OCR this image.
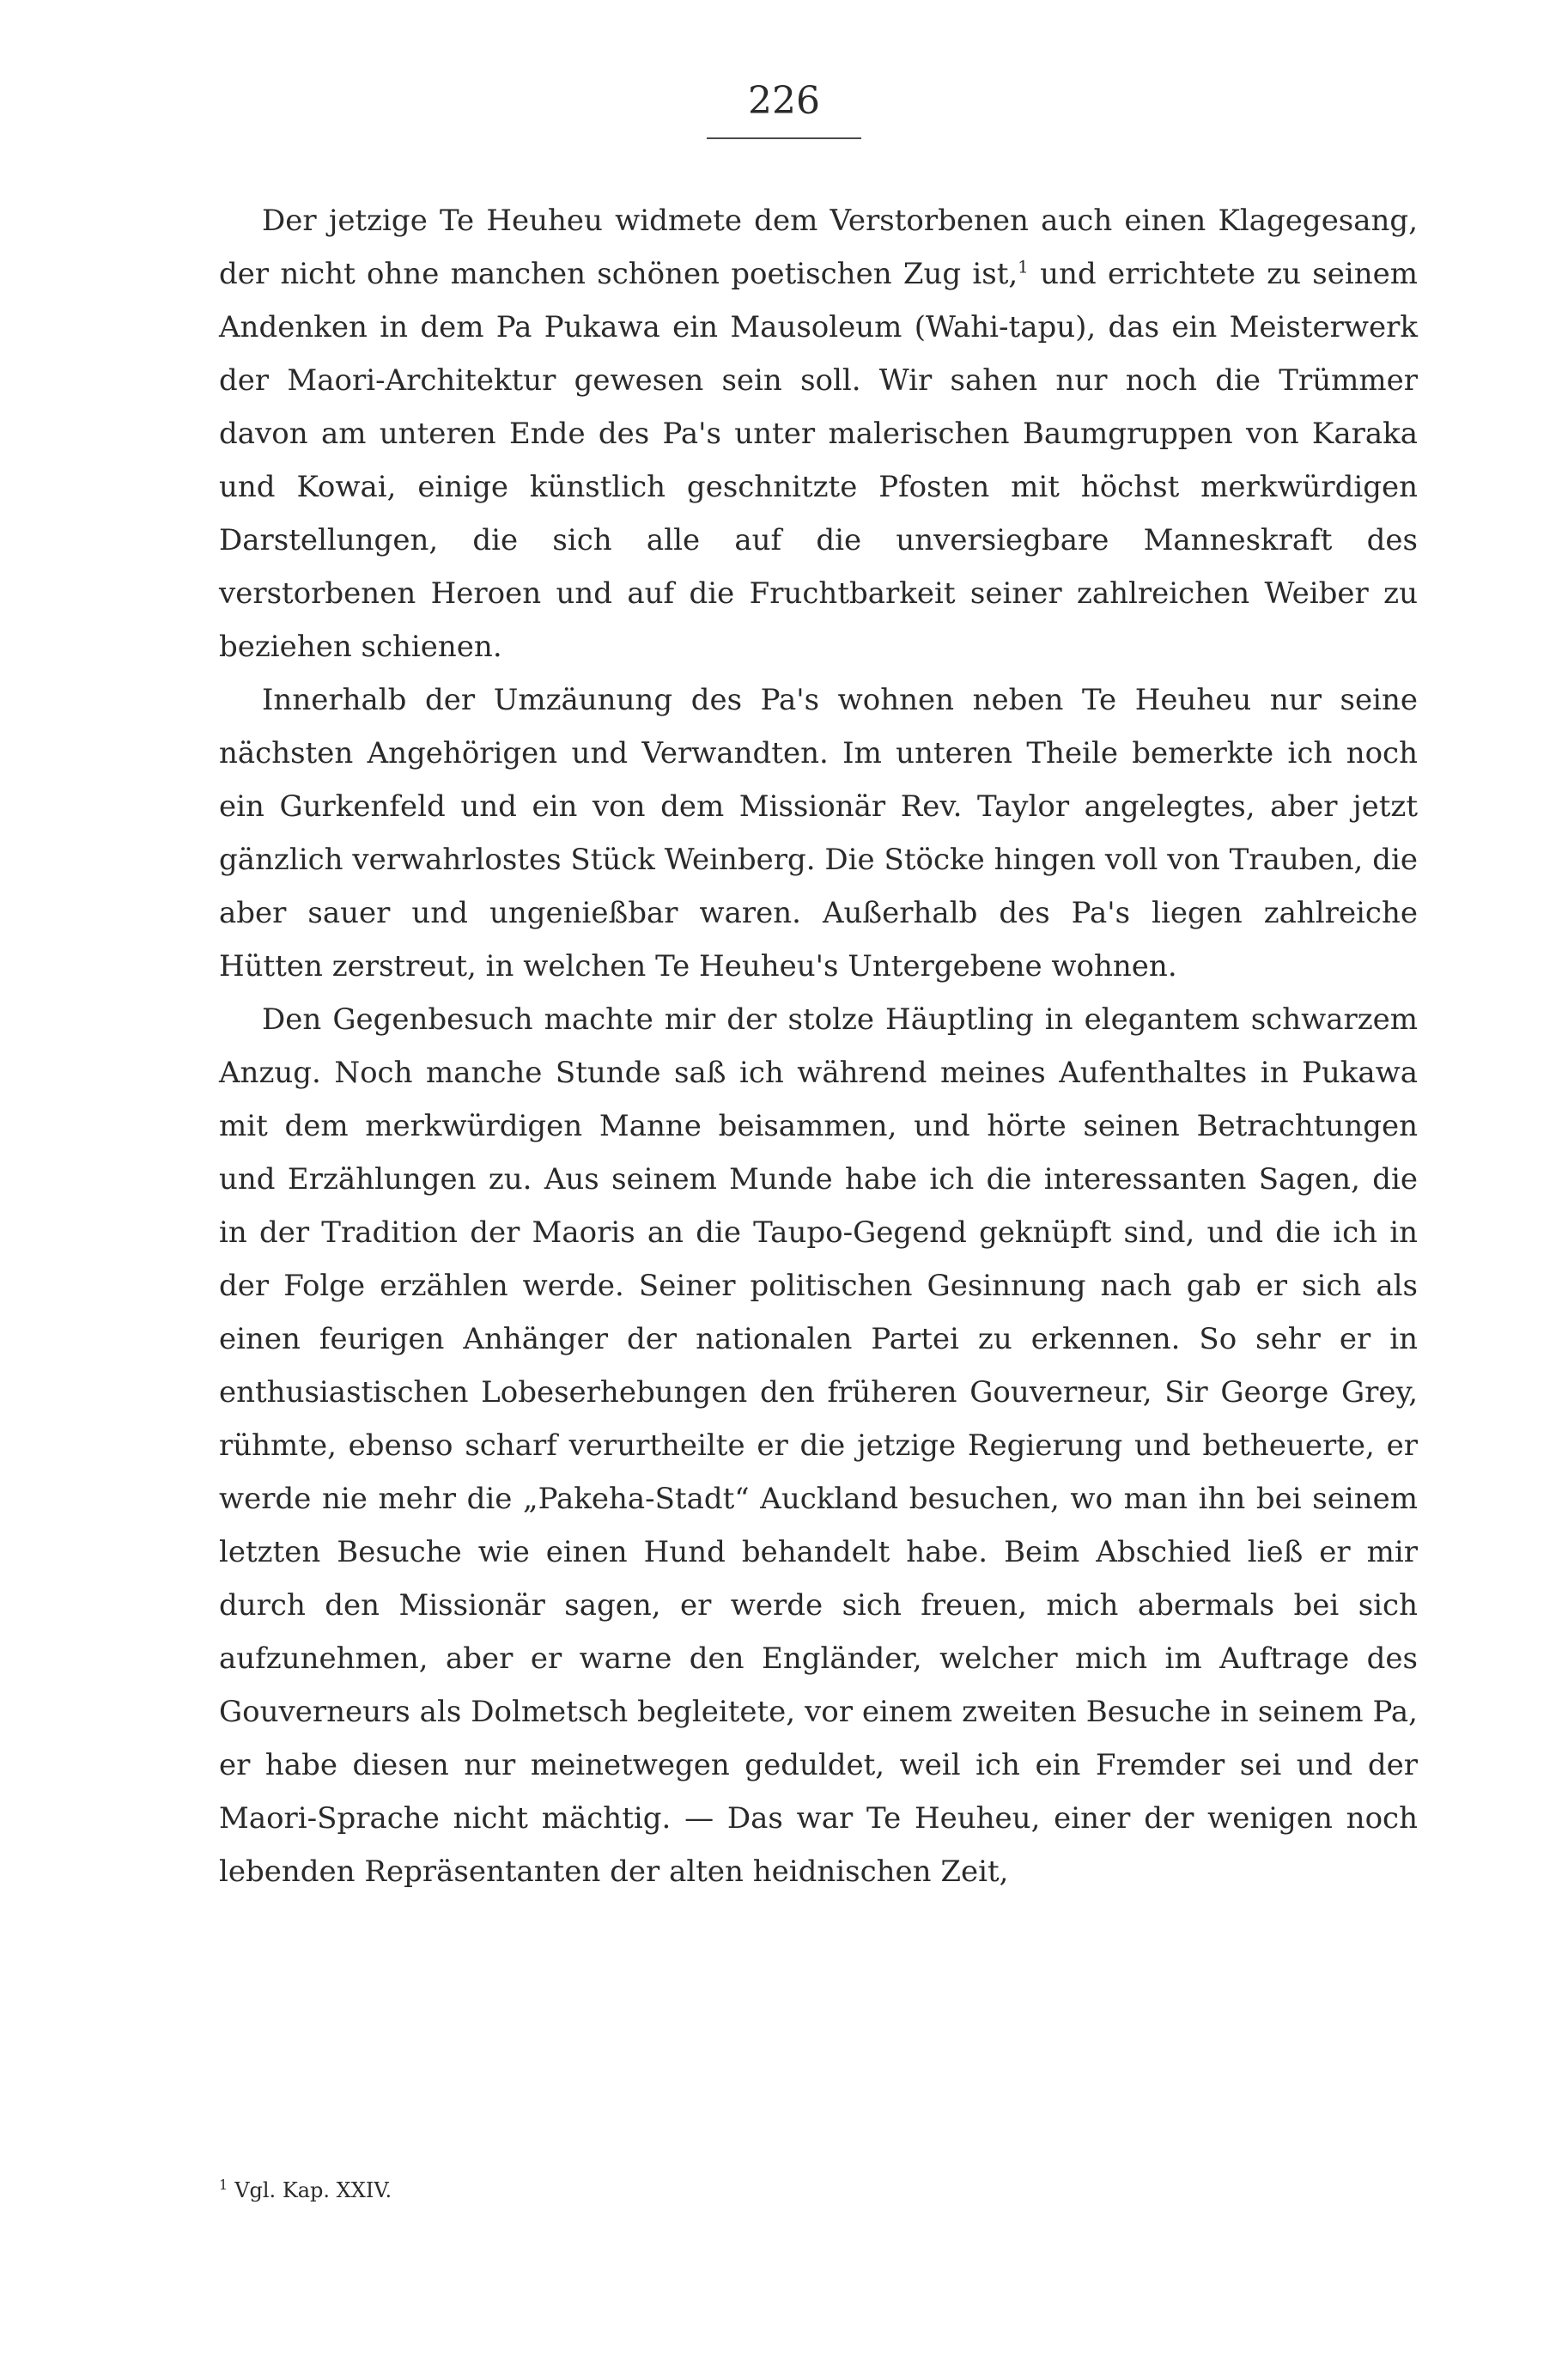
226

Der jetzige Te Heuheu widmete dem Verstorbenen auch einen Klagegesang, der nicht ohne manchen schönen poetischen Zug ist,$^1$ und errichtete zu seinem Andenken in dem Pa Pukawa ein Mausoleum (Wahi-tapu), das ein Meisterwerk der Maori-Architektur gewesen sein soll. Wir sahen nur noch die Trümmer davon am unteren Ende des Pa's unter malerischen Baumgruppen von Karaka und Kowai, einige künstlich geschnitzte Pfosten mit höchst merkwürdigen Darstellungen, die sich alle auf die unversiegbare Manneskraft des verstorbenen Heroen und auf die Fruchtbarkeit seiner zahlreichen Weiber zu beziehen schienen.

Innerhalb der Umzäunung des Pa's wohnen neben Te Heuheu nur seine nächsten Angehörigen und Verwandten. Im unteren Theile bemerkte ich noch ein Gurkenfeld und ein von dem Missionär Rev. Taylor angelegtes, aber jetzt gänzlich verwahrlostes Stück Weinberg. Die Stöcke hingen voll von Trauben, die aber sauer und ungenießbar waren. Außerhalb des Pa's liegen zahlreiche Hütten zerstreut, in welchen Te Heuheu's Untergebene wohnen.

Den Gegenbesuch machte mir der stolze Häuptling in elegantem schwarzem Anzug. Noch manche Stunde saß ich während meines Aufenthaltes in Pukawa mit dem merkwürdigen Manne beisammen, und hörte seinen Betrachtungen und Erzählungen zu. Aus seinem Munde habe ich die interessanten Sagen, die in der Tradition der Maoris an die Taupo-Gegend geknüpft sind, und die ich in der Folge erzählen werde. Seiner politischen Gesinnung nach gab er sich als einen feurigen Anhänger der nationalen Partei zu erkennen. So sehr er in enthusiastischen Lobeserhebungen den früheren Gouverneur, Sir George Grey, rühmte, ebenso scharf verurtheilte er die jetzige Regierung und betheuerte, er werde nie mehr die „Pakeha-Stadt“ Auckland besuchen, wo man ihn bei seinem letzten Besuche wie einen Hund behandelt habe. Beim Abschied ließ er mir durch den Missionär sagen, er werde sich freuen, mich abermals bei sich aufzunehmen, aber er warne den Engländer, welcher mich im Auftrage des Gouverneurs als Dolmetsch begleitete, vor einem zweiten Besuche in seinem Pa, er habe diesen nur meinetwegen geduldet, weil ich ein Fremder sei und der Maori-Sprache nicht mächtig. — Das war Te Heuheu, einer der wenigen noch lebenden Repräsentanten der alten heidnischen Zeit,

$^1$ Vgl. Kap. XXIV.
